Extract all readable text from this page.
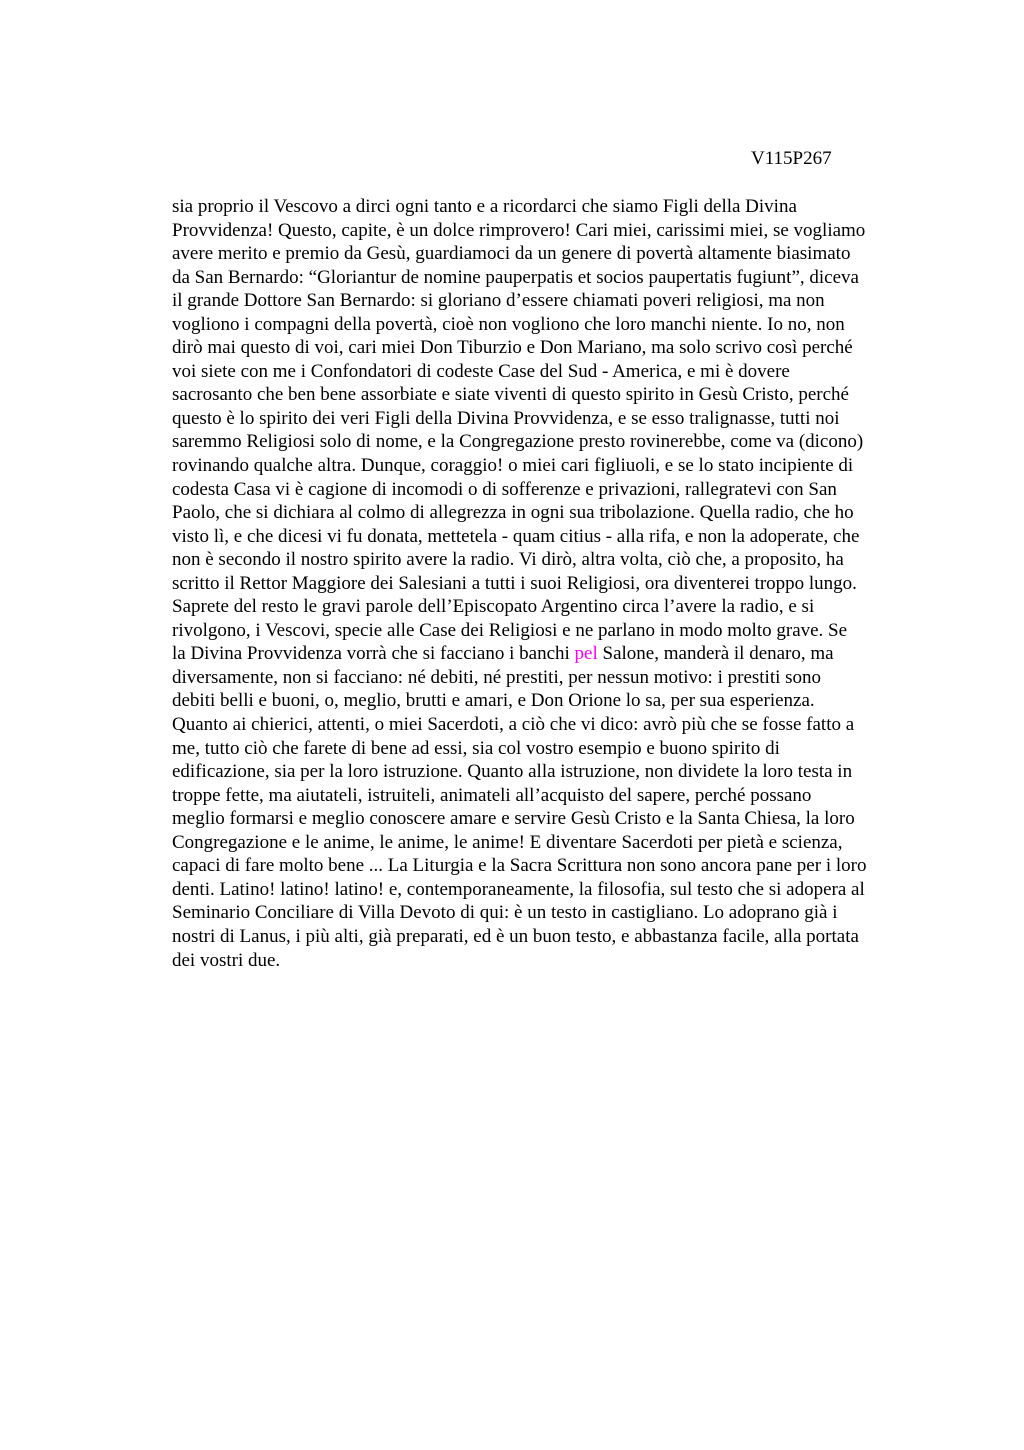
V115P267
sia proprio il Vescovo a dirci ogni tanto e a ricordarci che siamo Figli della Divina
Provvidenza! Questo, capite, è un dolce rimprovero! Cari miei, carissimi miei, se vogliamo
avere merito e premio da Gesù, guardiamoci da un genere di povertà altamente biasimato
da San Bernardo: “Gloriantur de nomine pauperpatis et socios paupertatis fugiunt”, diceva
il grande Dottore San Bernardo: si gloriano d’essere chiamati poveri religiosi, ma non
vogliono i compagni della povertà, cioè non vogliono che loro manchi niente. Io no, non
dirò mai questo di voi, cari miei Don Tiburzio e Don Mariano, ma solo scrivo così perché
voi siete con me i Confondatori di codeste Case del Sud - America, e mi è dovere
sacrosanto che ben bene assorbiate e siate viventi di questo spirito in Gesù Cristo, perché
questo è lo spirito dei veri Figli della Divina Provvidenza, e se esso tralignasse, tutti noi
saremmo Religiosi solo di nome, e la Congregazione presto rovinerebbe, come va (dicono)
rovinando qualche altra. Dunque, coraggio! o miei cari figliuoli, e se lo stato incipiente di
codesta Casa vi è cagione di incomodi o di sofferenze e privazioni, rallegratevi con San
Paolo, che si dichiara al colmo di allegrezza in ogni sua tribolazione. Quella radio, che ho
visto lì, e che dicesi vi fu donata, mettetela - quam citius - alla rifa, e non la adoperate, che
non è secondo il nostro spirito avere la radio. Vi dirò, altra volta, ciò che, a proposito, ha
scritto il Rettor Maggiore dei Salesiani a tutti i suoi Religiosi, ora diventerei troppo lungo.
Saprete del resto le gravi parole dell’Episcopato Argentino circa l’avere la radio, e si
rivolgono, i Vescovi, specie alle Case dei Religiosi e ne parlano in modo molto grave. Se
la Divina Provvidenza vorrà che si facciano i banchi pel Salone, manderà il denaro, ma
diversamente, non si facciano: né debiti, né prestiti, per nessun motivo: i prestiti sono
debiti belli e buoni, o, meglio, brutti e amari, e Don Orione lo sa, per sua esperienza.
Quanto ai chierici, attenti, o miei Sacerdoti, a ciò che vi dico: avrò più che se fosse fatto a
me, tutto ciò che farete di bene ad essi, sia col vostro esempio e buono spirito di
edificazione, sia per la loro istruzione. Quanto alla istruzione, non dividete la loro testa in
troppe fette, ma aiutateli, istruiteli, animateli all’acquisto del sapere, perché possano
meglio formarsi e meglio conoscere amare e servire Gesù Cristo e la Santa Chiesa, la loro
Congregazione e le anime, le anime, le anime! E diventare Sacerdoti per pietà e scienza,
capaci di fare molto bene ... La Liturgia e la Sacra Scrittura non sono ancora pane per i loro
denti. Latino! latino! latino! e, contemporaneamente, la filosofia, sul testo che si adopera al
Seminario Conciliare di Villa Devoto di qui: è un testo in castigliano. Lo adoprano già i
nostri di Lanus, i più alti, già preparati, ed è un buon testo, e abbastanza facile, alla portata
dei vostri due.
